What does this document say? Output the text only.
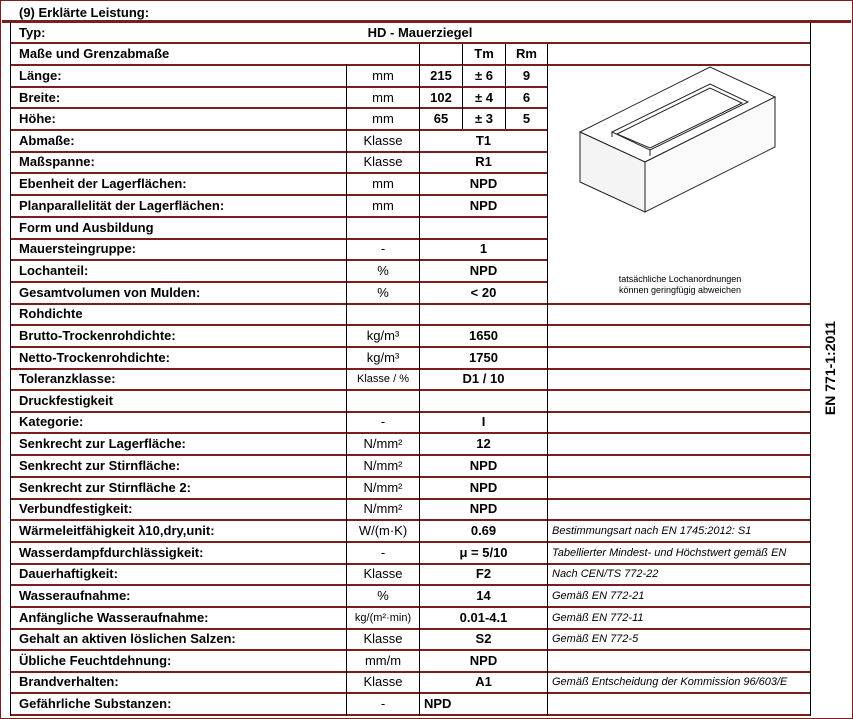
(9) Erklärte Leistung:
Typ:	HD - Mauerziegel
Maße und Grenzabmaße	Tm	Rm
Länge:	mm	215	± 6	9
Breite:	mm	102	± 4	6
Höhe:	mm	65	± 3	5
Abmaße:	Klasse	T1
Maßspanne:	Klasse	R1
Ebenheit der Lagerflächen:	mm	NPD
Planparallelität der Lagerflächen:	mm	NPD
Form und Ausbildung
Mauersteingruppe:	-	1
Lochanteil:	%	NPD
Gesamtvolumen von Mulden:	%	< 20
Rohdichte
Brutto-Trockenrohdichte:	kg/m³	1650
Netto-Trockenrohdichte:	kg/m³	1750
Toleranzklasse:	Klasse / %	D1 / 10
Druckfestigkeit
Kategorie:	-	I
Senkrecht zur Lagerfläche:	N/mm²	12
Senkrecht zur Stirnfläche:	N/mm²	NPD
Senkrecht zur Stirnfläche 2:	N/mm²	NPD
Verbundfestigkeit:	N/mm²	NPD
Wärmeleitfähigkeit λ10,dry,unit:	W/(m·K)	0.69	Bestimmungsart nach EN 1745:2012: S1
Wasserdampfdurchlässigkeit:	-	μ = 5/10	Tabellierter Mindest- und Höchstwert gemäß EN
Dauerhaftigkeit:	Klasse	F2	Nach CEN/TS 772-22
Wasseraufnahme:	%	14	Gemäß EN 772-21
Anfängliche Wasseraufnahme:	kg/(m²·min)	0.01-4.1	Gemäß EN 772-11
Gehalt an aktiven löslichen Salzen:	Klasse	S2	Gemäß EN 772-5
Übliche Feuchtdehnung:	mm/m	NPD
Brandverhalten:	Klasse	A1	Gemäß Entscheidung der Kommission 96/603/E
Gefährliche Substanzen:	-	NPD
tatsächliche Lochanordnungen
können geringfügig abweichen
EN 771-1:2011
